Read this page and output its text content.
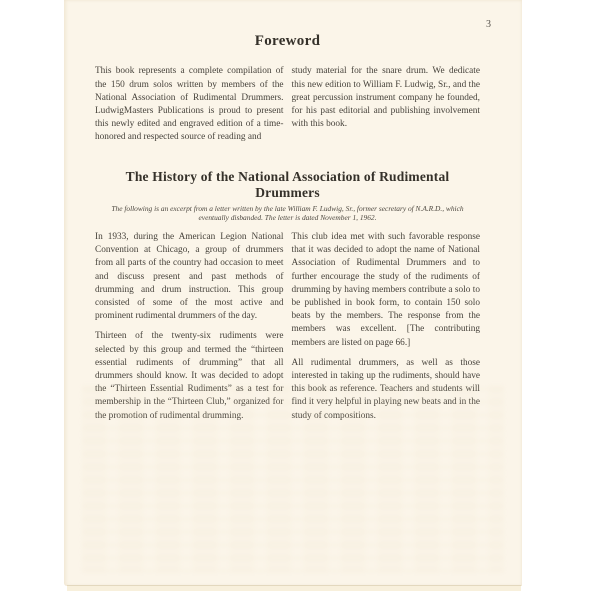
3
Foreword

This book represents a complete compilation of the 150 drum solos written by members of the National Association of Rudimental Drummers. LudwigMasters Publications is proud to present this newly edited and engraved edition of a time-honored and respected source of reading and

study material for the snare drum. We dedicate this new edition to William F. Ludwig, Sr., and the great percussion instrument company he founded, for his past editorial and publishing involvement with this book.

The History of the National Association of Rudimental Drummers

The following is an excerpt from a letter written by the late William F. Ludwig, Sr., former secretary of N.A.R.D., which eventually disbanded. The letter is dated November 1, 1962.

In 1933, during the American Legion National Convention at Chicago, a group of drummers from all parts of the country had occasion to meet and discuss present and past methods of drumming and drum instruction. This group consisted of some of the most active and prominent rudimental drummers of the day.

Thirteen of the twenty-six rudiments were selected by this group and termed the “thirteen essential rudiments of drumming” that all drummers should know. It was decided to adopt the “Thirteen Essential Rudiments” as a test for membership in the “Thirteen Club,” organized for the promotion of rudimental drumming.

This club idea met with such favorable response that it was decided to adopt the name of National Association of Rudimental Drummers and to further encourage the study of the rudiments of drumming by having members contribute a solo to be published in book form, to contain 150 solo beats by the members. The response from the members was excellent. [The contributing members are listed on page 66.]

All rudimental drummers, as well as those interested in taking up the rudiments, should have this book as reference. Teachers and students will find it very helpful in playing new beats and in the study of compositions.
